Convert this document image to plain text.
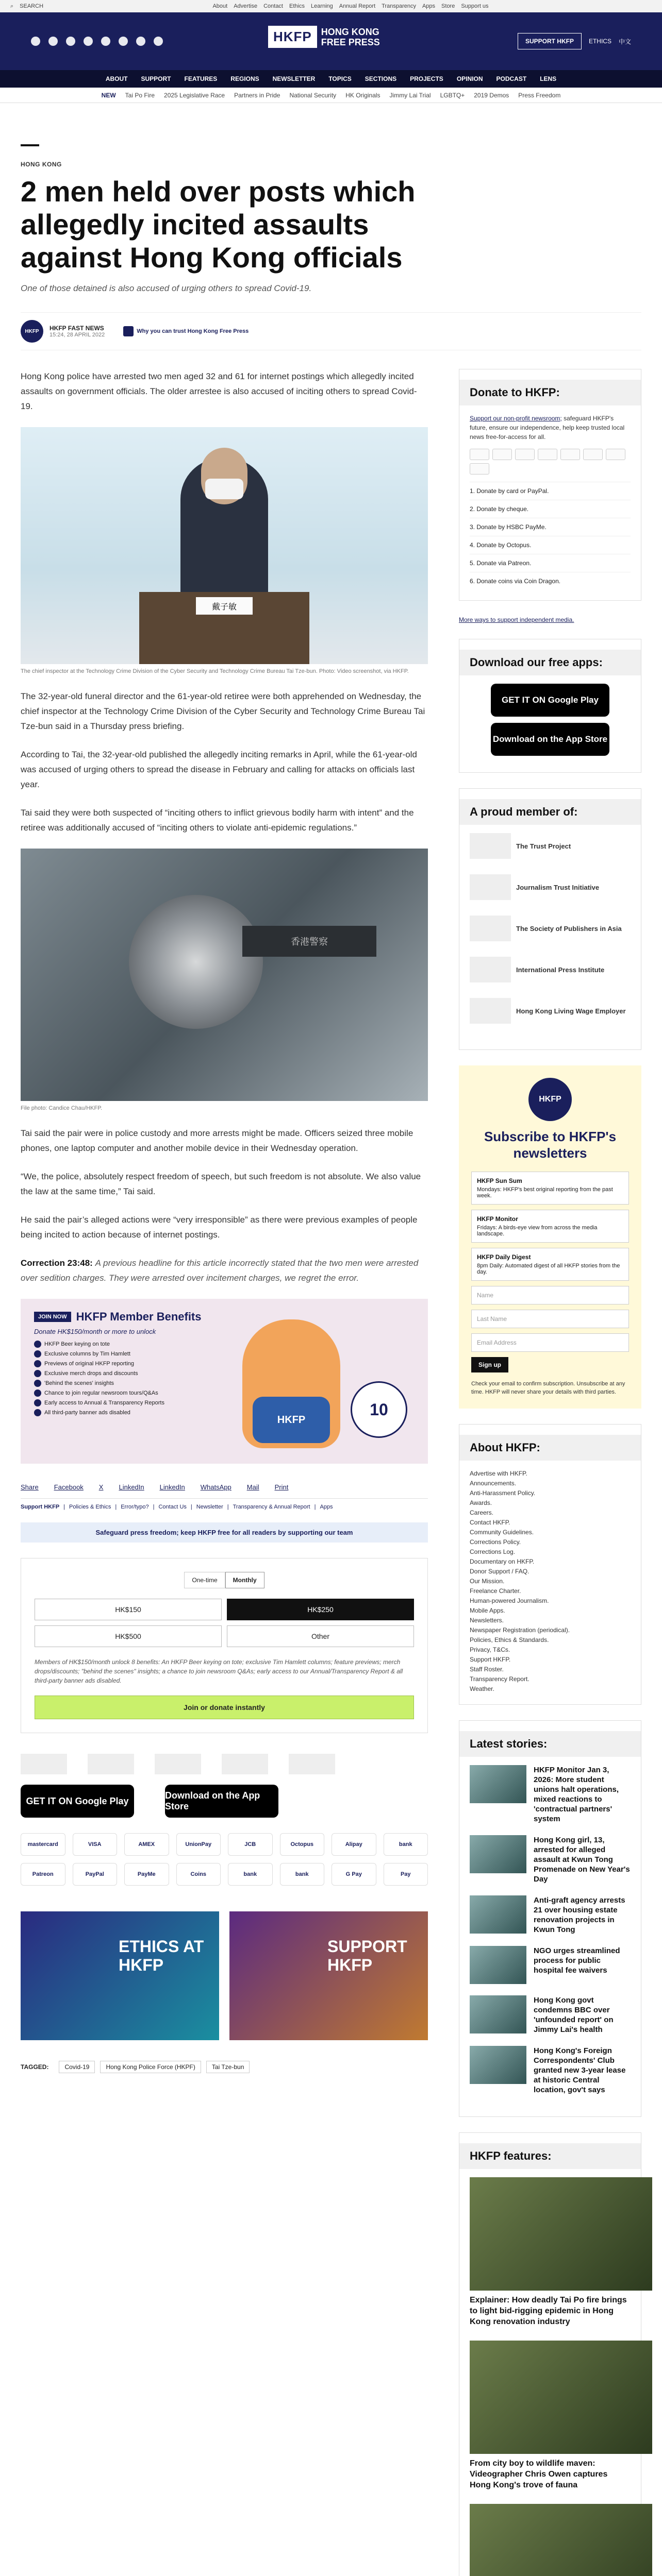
⌕ SEARCH	About Advertise Contact Ethics Learning Annual Report Transparency Apps Store Support us
HKFP	HONG KONG
FREE PRESS	SUPPORT HKFP	ETHICS 中文
ABOUT SUPPORT FEATURES REGIONS NEWSLETTER TOPICS SECTIONS PROJECTS OPINION PODCAST LENS
NEW Tai Po Fire 2025 Legislative Race Partners in Pride National Security HK Originals Jimmy Lai Trial LGBTQ+ 2019 Demos Press Freedom
HONG KONG
2 men held over posts which allegedly incited assaults against Hong Kong officials

One of those detained is also accused of urging others to spread Covid-19.

HKFP	HKFP FAST NEWS
15:24, 28 APRIL 2022
Why you can trust Hong Kong Free Press

Hong Kong police have arrested two men aged 32 and 61 for internet postings which allegedly incited assaults on government officials. The older arrestee is also accused of inciting others to spread Covid-19.

戴子敏
The chief inspector at the Technology Crime Division of the Cyber Security and Technology Crime Bureau Tai Tze-bun. Photo: Video screenshot, via HKFP.

The 32-year-old funeral director and the 61-year-old retiree were both apprehended on Wednesday, the chief inspector at the Technology Crime Division of the Cyber Security and Technology Crime Bureau Tai Tze-bun said in a Thursday press briefing.

According to Tai, the 32-year-old published the allegedly inciting remarks in April, while the 61-year-old was accused of urging others to spread the disease in February and calling for attacks on officials last year.

Tai said they were both suspected of “inciting others to inflict grievous bodily harm with intent” and the retiree was additionally accused of “inciting others to violate anti-epidemic regulations.”

香港警察
File photo: Candice Chau/HKFP.

Tai said the pair were in police custody and more arrests might be made. Officers seized three mobile phones, one laptop computer and another mobile device in their Wednesday operation.

“We, the police, absolutely respect freedom of speech, but such freedom is not absolute. We also value the law at the same time,” Tai said.

He said the pair’s alleged actions were “very irresponsible” as there were previous examples of people being incited to action because of internet postings.

Correction 23:48: A previous headline for this article incorrectly stated that the two men were arrested over sedition charges. They were arrested over incitement charges, we regret the error.

JOIN NOW HKFP Member Benefits
Donate HK$150/month or more to unlock
HKFP Beer keying on tote
Exclusive columns by Tim Hamlett
Previews of original HKFP reporting
Exclusive merch drops and discounts
'Behind the scenes' insights
Chance to join regular newsroom tours/Q&As
Early access to Annual & Transparency Reports
All third-party banner ads disabled
HKFP
10
Share Facebook X LinkedIn LinkedIn WhatsApp Mail Print
Support HKFP | Policies & Ethics | Error/typo? | Contact Us | Newsletter | Transparency & Annual Report | Apps
Safeguard press freedom; keep HKFP free for all readers by supporting our team
One-time	Monthly
HK$150	HK$250
HK$500	Other

Members of HK$150/month unlock 8 benefits: An HKFP Beer keying on tote; exclusive Tim Hamlett columns; feature previews; merch drops/discounts; "behind the scenes" insights; a chance to join newsroom Q&As; early access to our Annual/Transparency Report & all third-party banner ads disabled.

Join or donate instantly
GET IT ON Google Play
Download on the App Store
mastercard	VISA	AMEX	UnionPay	JCB	Octopus	Alipay	bank
Patreon	PayPal	PayMe	Coins	bank	bank	G Pay	Pay
ETHICS AT HKFP
SUPPORT HKFP
TAGGED:	Covid-19	Hong Kong Police Force (HKPF)	Tai Tze-bun
Donate to HKFP:

Support our non-profit newsroom; safeguard HKFP's future, ensure our independence, help keep trusted local news free-for-access for all.

1. Donate by card or PayPal.
2. Donate by cheque.
3. Donate by HSBC PayMe.
4. Donate by Octopus.
5. Donate via Patreon.
6. Donate coins via Coin Dragon.
More ways to support independent media.
Download our free apps:
GET IT ON Google Play
Download on the App Store
A proud member of:
The Trust Project
Journalism Trust Initiative
The Society of Publishers in Asia
International Press Institute
Hong Kong Living Wage Employer
HKFP
Subscribe to HKFP's newsletters
HKFP Sun Sum
Mondays: HKFP's best original reporting from the past week.
HKFP Monitor
Fridays: A birds-eye view from across the media landscape.
HKFP Daily Digest
8pm Daily: Automated digest of all HKFP stories from the day.
Name
Last Name
Email Address
Sign up

Check your email to confirm subscription. Unsubscribe at any time. HKFP will never share your details with third parties.

About HKFP:
Advertise with HKFP.
Announcements.
Anti-Harassment Policy.
Awards.
Careers.
Contact HKFP.
Community Guidelines.
Corrections Policy.
Corrections Log.
Documentary on HKFP.
Donor Support / FAQ.
Our Mission.
Freelance Charter.
Human-powered Journalism.
Mobile Apps.
Newsletters.
Newspaper Registration (periodical).
Policies, Ethics & Standards.
Privacy, T&Cs.
Support HKFP.
Staff Roster.
Transparency Report.
Weather.
Latest stories:
HKFP Monitor Jan 3, 2026: More student unions halt operations, mixed reactions to 'contractual partners' system
Hong Kong girl, 13, arrested for alleged assault at Kwun Tong Promenade on New Year's Day
Anti-graft agency arrests 21 over housing estate renovation projects in Kwun Tong
NGO urges streamlined process for public hospital fee waivers
Hong Kong govt condemns BBC over 'unfounded report' on Jimmy Lai's health
Hong Kong's Foreign Correspondents' Club granted new 3-year lease at historic Central location, gov't says
HKFP features:
Explainer: How deadly Tai Po fire brings to light bid-rigging epidemic in Hong Kong renovation industry
From city boy to wildlife maven: Videographer Chris Owen captures Hong Kong's trove of fauna
